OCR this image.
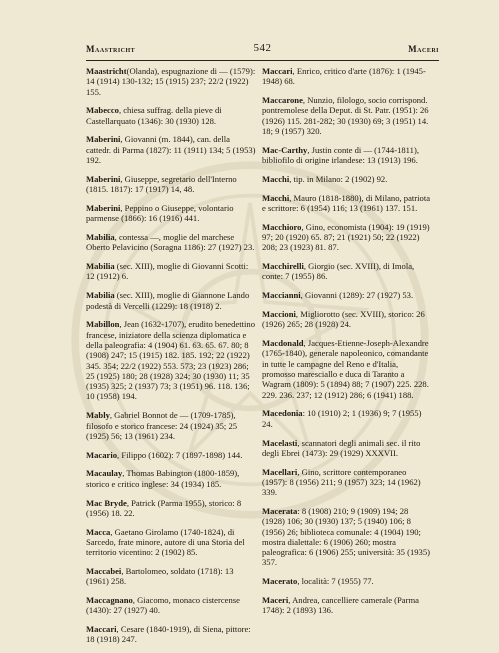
Maastricht	542	Maceri

Maastricht(Olanda), espugnazione di — (1579): 14 (1914) 130-132; 15 (1915) 237; 22/2 (1922) 155.

Mabecco, chiesa suffrag. della pieve di Castellarquato (1346): 30 (1930) 128.

Maberini, Giovanni (m. 1844), can. della cattedr. di Parma (1827): 11 (1911) 134; 5 (1953) 192.

Maberini, Giuseppe, segretario dell'Interno (1815. 1817): 17 (1917) 14, 48.

Maberini, Peppino o Giuseppe, volontario parmense (1866): 16 (1916) 441.

Mabilia, contessa —, moglie del marchese Oberto Pelavicino (Soragna 1186): 27 (1927) 23.

Mabilia (sec. XIII), moglie di Giovanni Scotti: 12 (1912) 6.

Mabilia (sec. XIII), moglie di Giannone Lando podestà di Vercelli (1229): 18 (1918) 2.

Mabillon, Jean (1632-1707), erudito benedettino francese, iniziatore della scienza diplomatica e della paleografia: 4 (1904) 61. 63. 65. 67. 80; 8 (1908) 247; 15 (1915) 182. 185. 192; 22 (1922) 345. 354; 22/2 (1922) 553. 573; 23 (1923) 286; 25 (1925) 180; 28 (1928) 324; 30 (1930) 11; 35 (1935) 325; 2 (1937) 73; 3 (1951) 96. 118. 136; 10 (1958) 194.

Mably, Gabriel Bonnot de — (1709-1785), filosofo e storico francese: 24 (1924) 35; 25 (1925) 56; 13 (1961) 234.

Macario, Filippo (1602): 7 (1897-1898) 144.

Macaulay, Thomas Babington (1800-1859), storico e critico inglese: 34 (1934) 185.

Mac Bryde, Patrick (Parma 1955), storico: 8 (1956) 18. 22.

Macca, Gaetano Girolamo (1740-1824), di Sarcedo, frate minore, autore di una Storia del territorio vicentino: 2 (1902) 85.

Maccabei, Bartolomeo, soldato (1718): 13 (1961) 258.

Maccagnano, Giacomo, monaco cistercense (1430): 27 (1927) 40.

Maccari, Cesare (1840-1919), di Siena, pittore: 18 (1918) 247.

Maccari, Enrico, critico d'arte (1876): 1 (1945-1948) 68.

Maccarone, Nunzio, filologo, socio corrispond. pontremolese della Deput. di St. Patr. (1951): 26 (1926) 115. 281-282; 30 (1930) 69; 3 (1951) 14. 18; 9 (1957) 320.

Mac-Carthy, Justin conte di — (1744-1811), bibliofilo di origine irlandese: 13 (1913) 196.

Macchi, tip. in Milano: 2 (1902) 92.

Macchi, Mauro (1818-1880), di Milano, patriota e scrittore: 6 (1954) 116; 13 (1961) 137. 151.

Macchioro, Gino, economista (1904): 19 (1919) 97; 20 (1920) 65. 87; 21 (1921) 50; 22 (1922) 208; 23 (1923) 81. 87.

Macchirelli, Giorgio (sec. XVIII), di Imola, conte: 7 (1955) 86.

Maccianni, Giovanni (1289): 27 (1927) 53.

Maccioni, Migliorotto (sec. XVIII), storico: 26 (1926) 265; 28 (1928) 24.

Macdonald, Jacques-Etienne-Joseph-Alexandre (1765-1840), generale napoleonico, comandante in tutte le campagne del Reno e d'Italia, promosso maresciallo e duca di Taranto a Wagram (1809): 5 (1894) 88; 7 (1907) 225. 228. 229. 236. 237; 12 (1912) 286; 6 (1941) 188.

Macedonia: 10 (1910) 2; 1 (1936) 9; 7 (1955) 24.

Macelasti, scannatori degli animali sec. il rito degli Ebrei (1473): 29 (1929) XXXVII.

Macellari, Gino, scrittore contemporaneo (1957): 8 (1956) 211; 9 (1957) 323; 14 (1962) 339.

Macerata: 8 (1908) 210; 9 (1909) 194; 28 (1928) 106; 30 (1930) 137; 5 (1940) 106; 8 (1956) 26; biblioteca comunale: 4 (1904) 190; mostra dialettale: 6 (1906) 260; mostra paleografica: 6 (1906) 255; università: 35 (1935) 357.

Macerato, località: 7 (1955) 77.

Maceri, Andrea, cancelliere camerale (Parma 1748): 2 (1893) 136.
